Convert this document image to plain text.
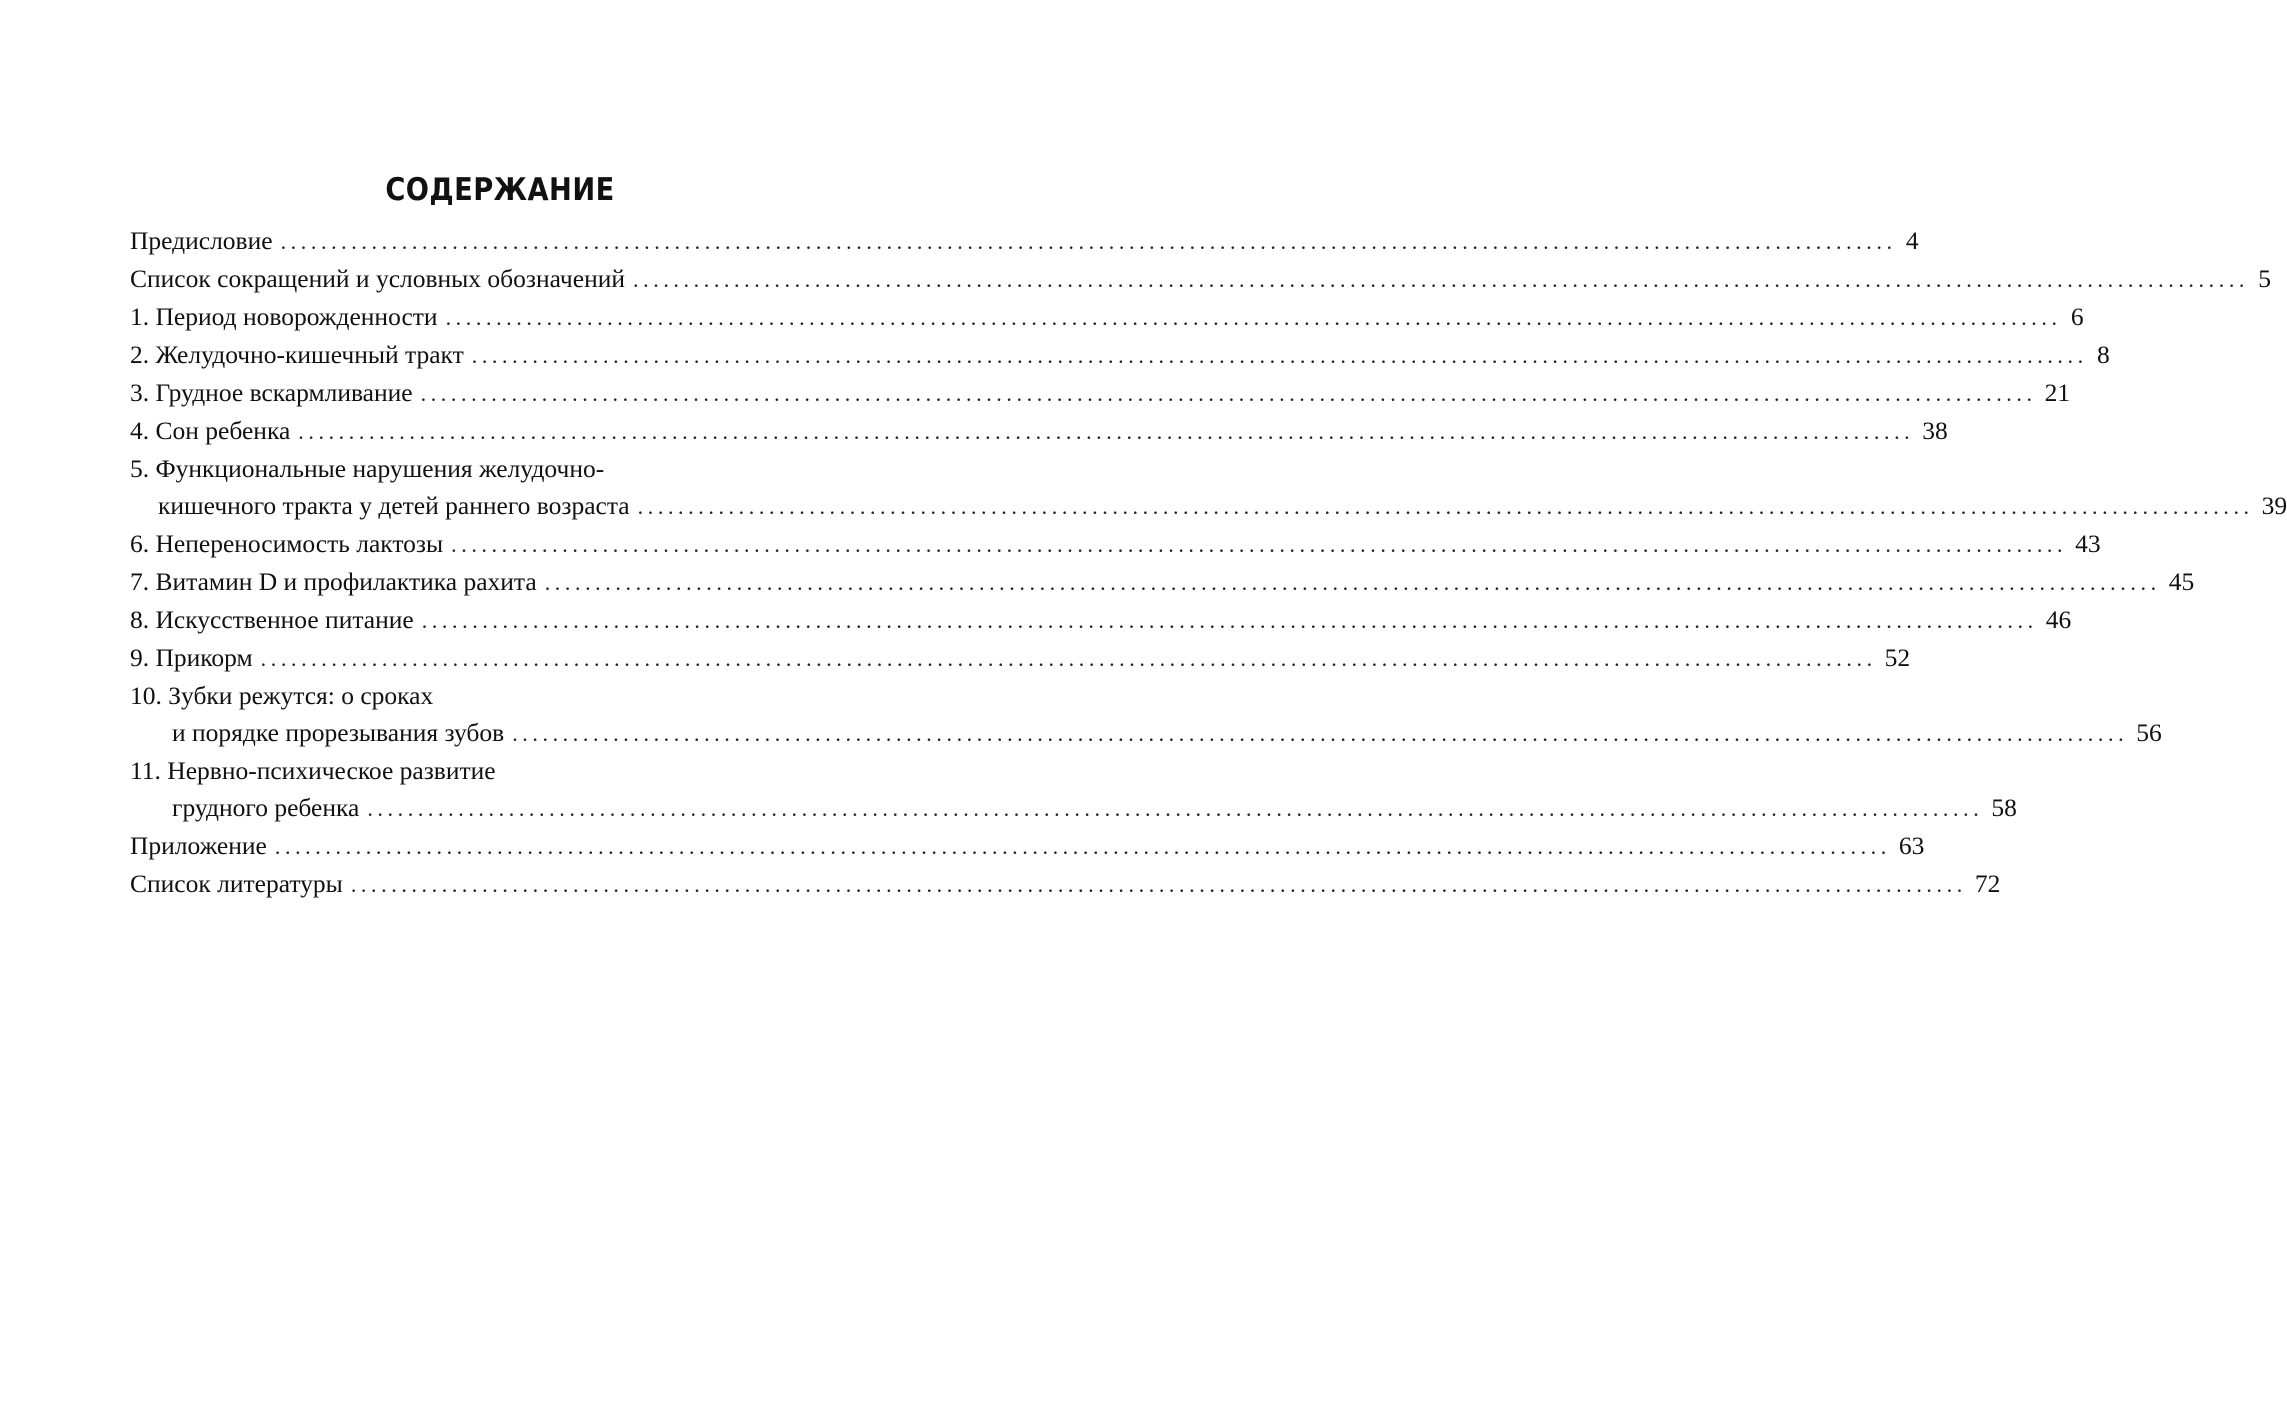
СОДЕРЖАНИЕ
Предисловие ................................................................................................................................................................ 4
Список сокращений и условных обозначений ................................................................................................................................................................ 5
1. Период новорожденности ................................................................................................................................................................ 6
2. Желудочно-кишечный тракт ................................................................................................................................................................ 8
3. Грудное вскармливание ................................................................................................................................................................ 21
4. Сон ребенка ................................................................................................................................................................ 38
5. Функциональные нарушения желудочно-
кишечного тракта у детей раннего возраста ................................................................................................................................................................ 39
6. Непереносимость лактозы ................................................................................................................................................................ 43
7. Витамин D и профилактика рахита ................................................................................................................................................................ 45
8. Искусственное питание ................................................................................................................................................................ 46
9. Прикорм ................................................................................................................................................................ 52
10. Зубки режутся: о сроках
и порядке прорезывания зубов ................................................................................................................................................................ 56
11. Нервно-психическое развитие
грудного ребенка ................................................................................................................................................................ 58
Приложение ................................................................................................................................................................ 63
Список литературы ................................................................................................................................................................ 72
